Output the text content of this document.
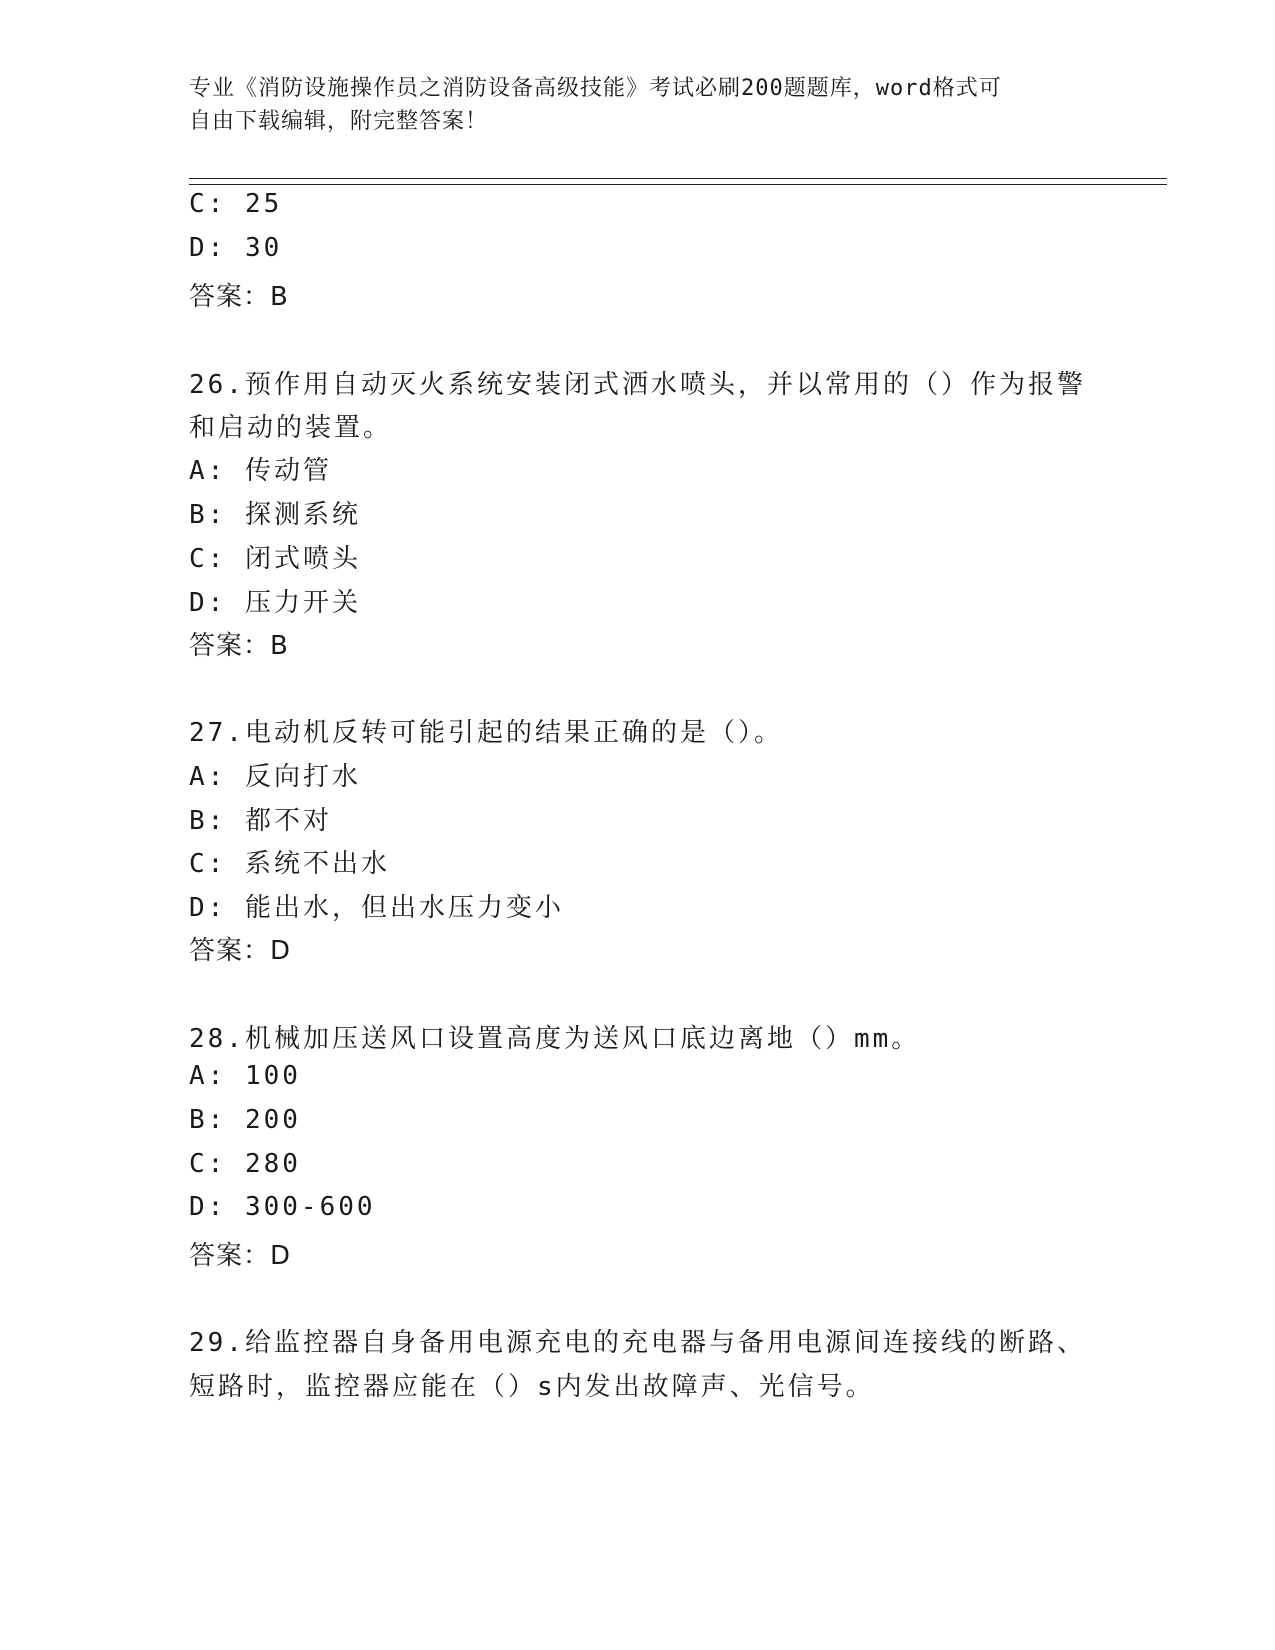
专业《消防设施操作员之消防设备高级技能》考试必刷200题题库，word格式可
自由下载编辑，附完整答案！
C: 25
D: 30
答案：B
26.预作用自动灭火系统安装闭式洒水喷头，并以常用的（）作为报警
和启动的装置。
A: 传动管
B: 探测系统
C: 闭式喷头
D: 压力开关
答案：B
27.电动机反转可能引起的结果正确的是（）。
A: 反向打水
B: 都不对
C: 系统不出水
D: 能出水，但出水压力变小
答案：D
28.机械加压送风口设置高度为送风口底边离地（）mm。
A: 100
B: 200
C: 280
D: 300-600
答案：D
29.给监控器自身备用电源充电的充电器与备用电源间连接线的断路、
短路时，监控器应能在（）s内发出故障声、光信号。
